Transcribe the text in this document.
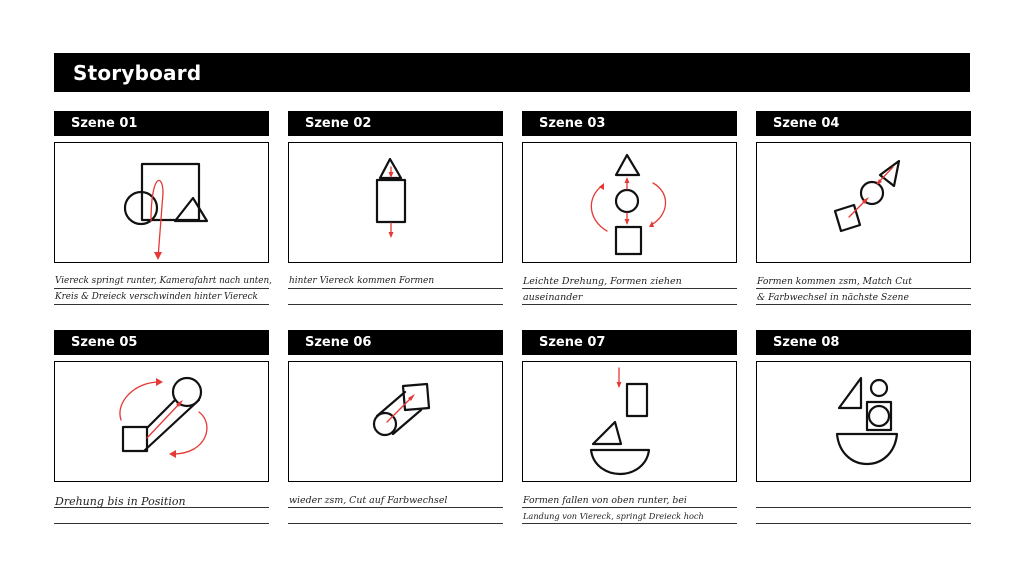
Storyboard
Szene 01
Viereck springt runter, Kamerafahrt nach unten,
Kreis & Dreieck verschwinden hinter Viereck
Szene 02
hinter Viereck kommen Formen
Szene 03
Leichte Drehung, Formen ziehen
auseinander
Szene 04
Formen kommen zsm, Match Cut
& Farbwechsel in nächste Szene
Szene 05
Drehung bis in Position
Szene 06
wieder zsm, Cut auf Farbwechsel
Szene 07
Formen fallen von oben runter, bei
Landung von Viereck, springt Dreieck hoch
Szene 08
